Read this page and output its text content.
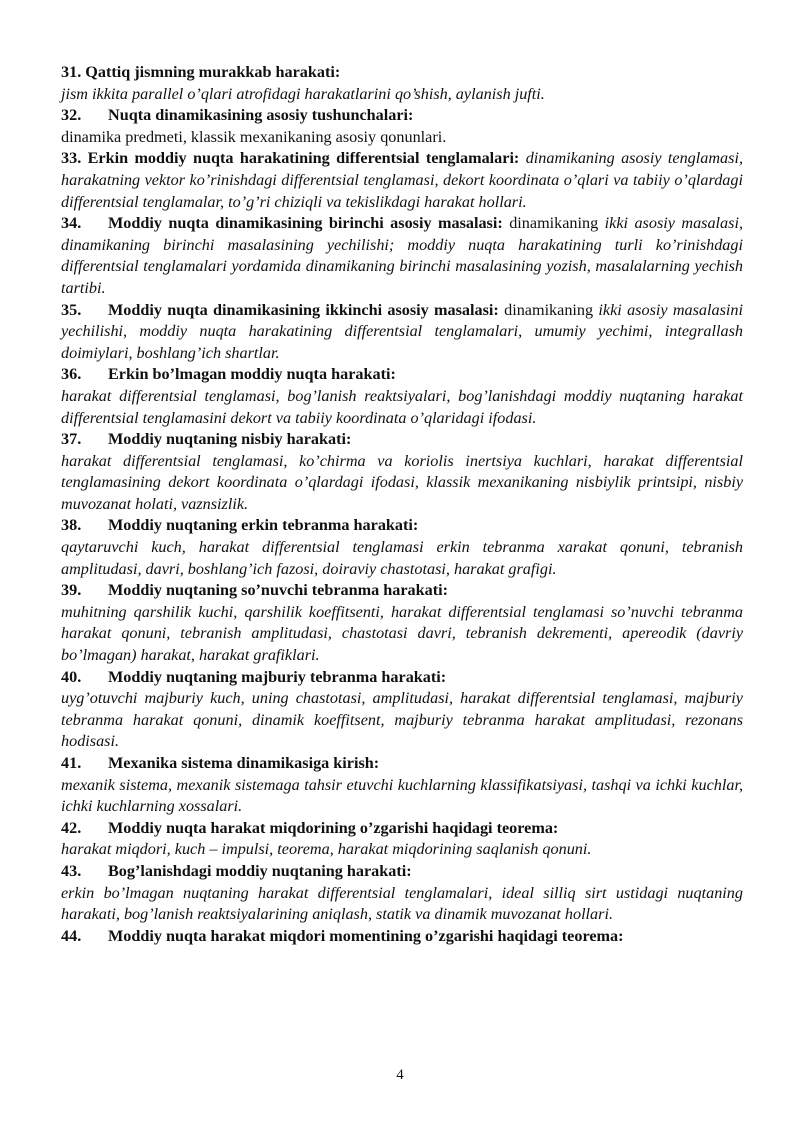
31. Qattiq jismning murakkab harakati:
jism ikkita parallel o’qlari atrofidagi harakatlarini qo’shish, aylanish jufti.
32. Nuqta dinamikasining asosiy tushunchalari:
dinamika predmeti, klassik mexanikaning asosiy qonunlari.
33. Erkin moddiy nuqta harakatining differentsial tenglamalari: dinamikaning asosiy tenglamasi, harakatning vektor ko’rinishdagi differentsial tenglamasi, dekort koordinata o’qlari va tabiiy o’qlardagi differentsial tenglamalar, to’g’ri chiziqli va tekislikdagi harakat hollari.
34. Moddiy nuqta dinamikasining birinchi asosiy masalasi: dinamikaning ikki asosiy masalasi, dinamikaning birinchi masalasining yechilishi; moddiy nuqta harakatining turli ko’rinishdagi differentsial tenglamalari yordamida dinamikaning birinchi masalasining yozish, masalalarning yechish tartibi.
35. Moddiy nuqta dinamikasining ikkinchi asosiy masalasi: dinamikaning ikki asosiy masalasini yechilishi, moddiy nuqta harakatining differentsial tenglamalari, umumiy yechimi, integrallash doimiylari, boshlang’ich shartlar.
36. Erkin bo’lmagan moddiy nuqta harakati:
harakat differentsial tenglamasi, bog’lanish reaktsiyalari, bog’lanishdagi moddiy nuqtaning harakat differentsial tenglamasini dekort va tabiiy koordinata o’qlaridagi ifodasi.
37. Moddiy nuqtaning nisbiy harakati:
harakat differentsial tenglamasi, ko’chirma va koriolis inertsiya kuchlari, harakat differentsial tenglamasining dekort koordinata o’qlardagi ifodasi, klassik mexanikaning nisbiylik printsipi, nisbiy muvozanat holati, vaznsizlik.
38. Moddiy nuqtaning erkin tebranma harakati:
qaytaruvchi kuch, harakat differentsial tenglamasi erkin tebranma xarakat qonuni, tebranish amplitudasi, davri, boshlang’ich fazosi, doiraviy chastotasi, harakat grafigi.
39. Moddiy nuqtaning so’nuvchi tebranma harakati:
muhitning qarshilik kuchi, qarshilik koeffitsenti, harakat differentsial tenglamasi so’nuvchi tebranma harakat qonuni, tebranish amplitudasi, chastotasi davri, tebranish dekrementi, apereodik (davriy bo’lmagan) harakat, harakat grafiklari.
40. Moddiy nuqtaning majburiy tebranma harakati:
uyg’otuvchi majburiy kuch, uning chastotasi, amplitudasi, harakat differentsial tenglamasi, majburiy tebranma harakat qonuni, dinamik koeffitsent, majburiy tebranma harakat amplitudasi, rezonans hodisasi.
41. Mexanika sistema dinamikasiga kirish:
mexanik sistema, mexanik sistemaga tahsir etuvchi kuchlarning klassifikatsiyasi, tashqi va ichki kuchlar, ichki kuchlarning xossalari.
42. Moddiy nuqta harakat miqdorining o’zgarishi haqidagi teorema:
harakat miqdori, kuch – impulsi, teorema, harakat miqdorining saqlanish qonuni.
43. Bog’lanishdagi moddiy nuqtaning harakati:
erkin bo’lmagan nuqtaning harakat differentsial tenglamalari, ideal silliq sirt ustidagi nuqtaning harakati, bog’lanish reaktsiyalarining aniqlash, statik va dinamik muvozanat hollari.
44. Moddiy nuqta harakat miqdori momentining o’zgarishi haqidagi teorema:
4
